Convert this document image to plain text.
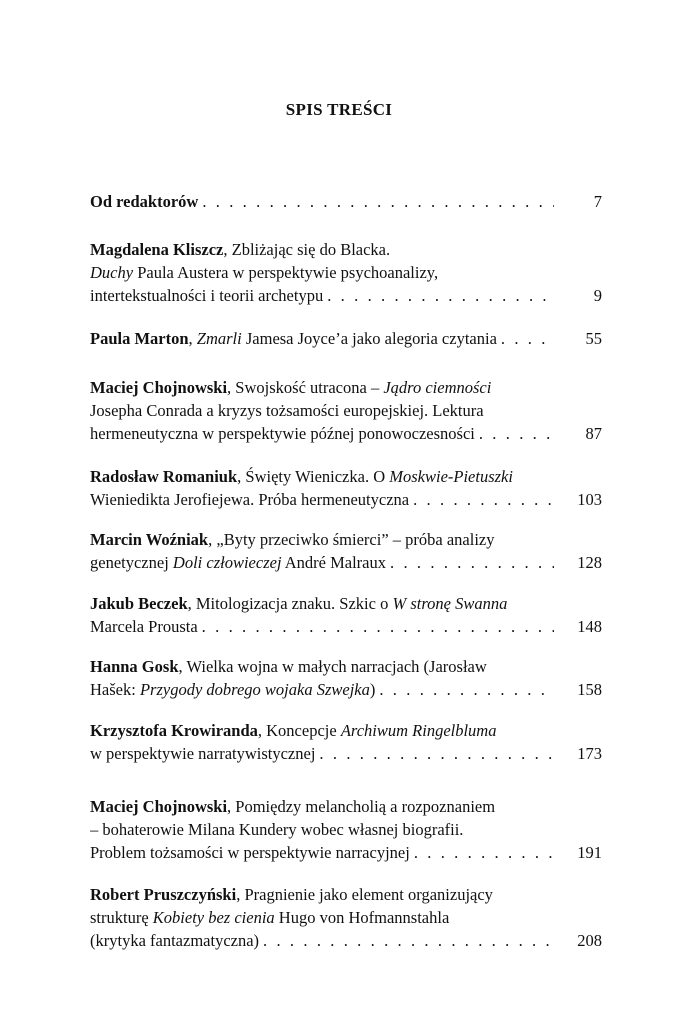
SPIS TREŚCI
Od redaktorów . . .	7
Magdalena Kliszcz, Zbliżając się do Blacka.
Duchy Paula Austera w perspektywie psychoanalizy,
intertekstualności i teorii archetypu . . .	9
Paula Marton, Zmarli Jamesa Joyce’a jako alegoria czytania . . .	55
Maciej Chojnowski, Swojskość utracona – Jądro ciemności
Josepha Conrada a kryzys tożsamości europejskiej. Lektura
hermeneutyczna w perspektywie późnej ponowoczesności . . .	87
Radosław Romaniuk, Święty Wieniczka. O Moskwie-Pietuszki
Wieniedikta Jerofiejewa. Próba hermeneutyczna . . .	103
Marcin Woźniak, „Byty przeciwko śmierci” – próba analizy
genetycznej Doli człowieczej André Malraux . . .	128
Jakub Beczek, Mitologizacja znaku. Szkic o W stronę Swanna
Marcela Prousta . . .	148
Hanna Gosk, Wielka wojna w małych narracjach (Jarosław
Hašek: Przygody dobrego wojaka Szwejka) . . .	158
Krzysztofa Krowiranda, Koncepcje Archiwum Ringelbluma
w perspektywie narratywistycznej . . .	173
Maciej Chojnowski, Pomiędzy melancholią a rozpoznaniem
– bohaterowie Milana Kundery wobec własnej biografii.
Problem tożsamości w perspektywie narracyjnej . . .	191
Robert Pruszczyński, Pragnienie jako element organizujący
strukturę Kobiety bez cienia Hugo von Hofmannstahla
(krytyka fantazmatyczna) . . .	208
